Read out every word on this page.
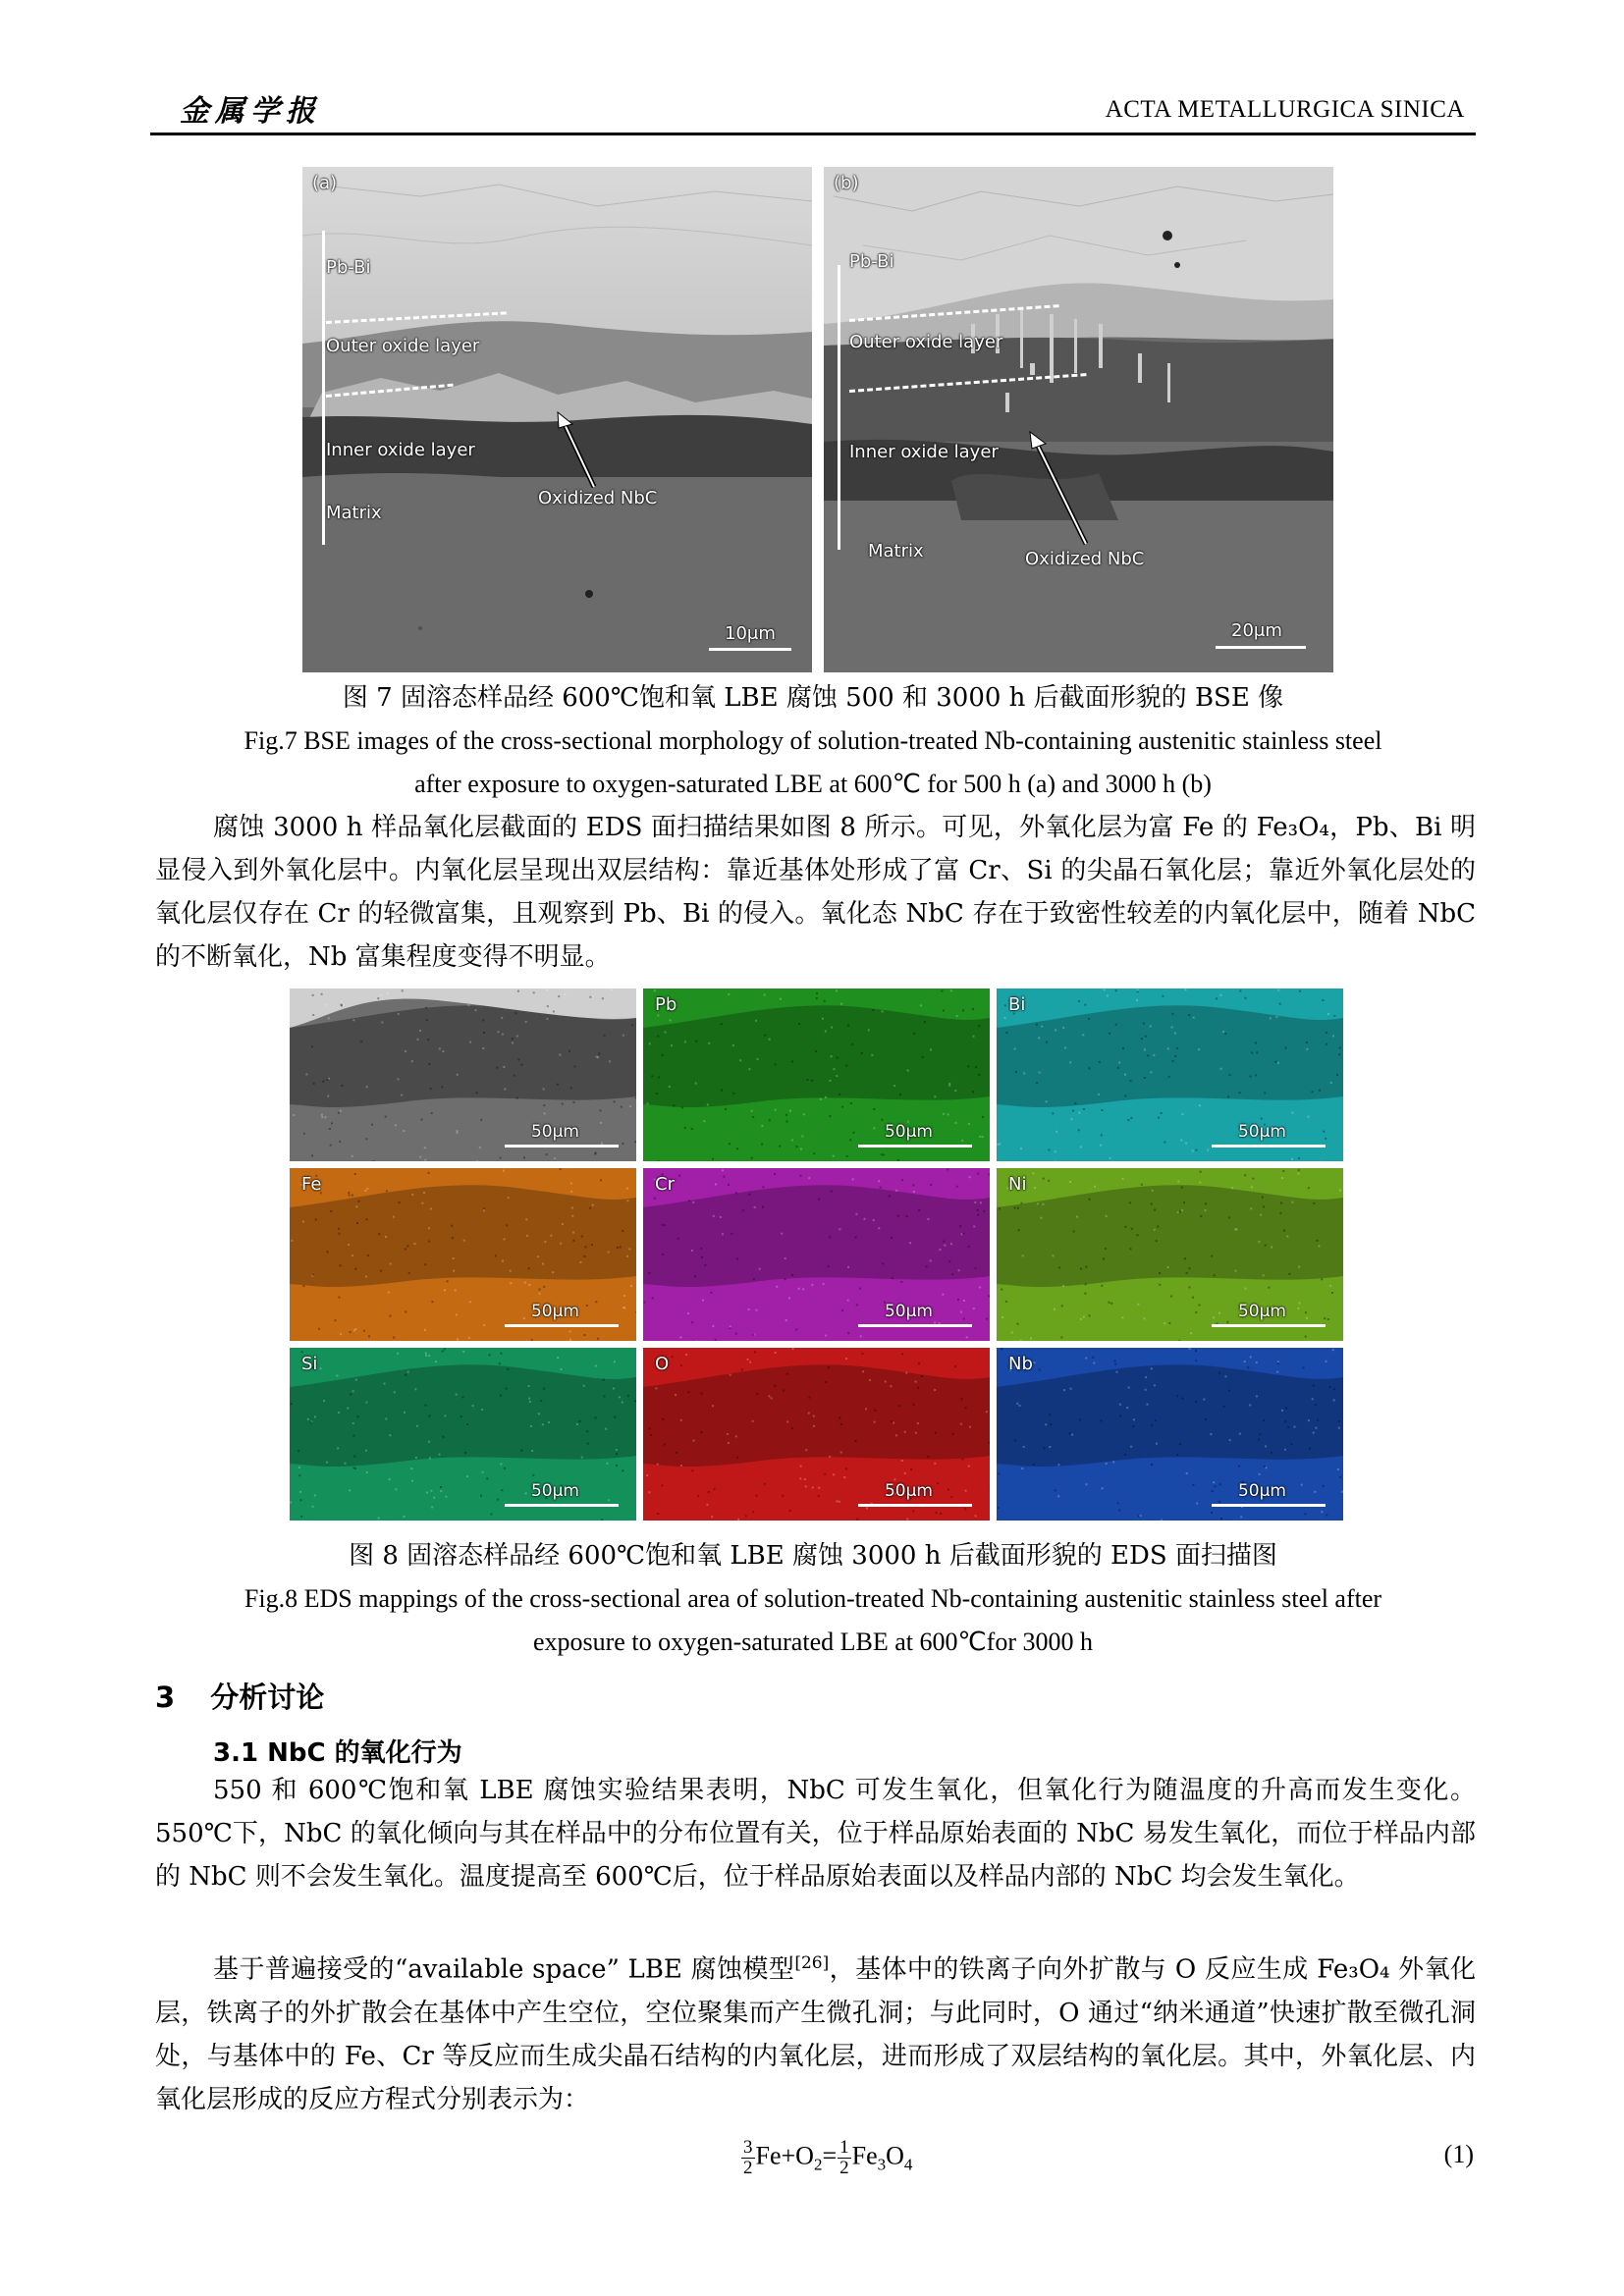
金属学报	ACTA METALLURGICA SINICA
(a)
Pb-Bi
Outer oxide layer
Inner oxide layer
Matrix
Oxidized NbC
10μm
(b)
Pb-Bi
Outer oxide layer
Inner oxide layer
Matrix	Oxidized NbC
20μm
图 7 固溶态样品经 600℃饱和氧 LBE 腐蚀 500 和 3000 h 后截面形貌的 BSE 像
Fig.7 BSE images of the cross-sectional morphology of solution-treated Nb-containing austenitic stainless steel
after exposure to oxygen-saturated LBE at 600℃ for 500 h (a) and 3000 h (b)
腐蚀 3000 h 样品氧化层截面的 EDS 面扫描结果如图 8 所示。可见，外氧化层为富 Fe 的 Fe₃O₄，Pb、Bi 明显侵入到外氧化层中。内氧化层呈现出双层结构：靠近基体处形成了富 Cr、Si 的尖晶石氧化层；靠近外氧化层处的氧化层仅存在 Cr 的轻微富集，且观察到 Pb、Bi 的侵入。氧化态 NbC 存在于致密性较差的内氧化层中，随着 NbC 的不断氧化，Nb 富集程度变得不明显。
50μm
Pb
50μm
Bi
50μm
Fe
50μm
Cr
50μm
Ni
50μm
Si
50μm
O
50μm
Nb
50μm
图 8 固溶态样品经 600℃饱和氧 LBE 腐蚀 3000 h 后截面形貌的 EDS 面扫描图
Fig.8 EDS mappings of the cross-sectional area of solution-treated Nb-containing austenitic stainless steel after
exposure to oxygen-saturated LBE at 600℃for 3000 h
3 分析讨论
3.1 NbC 的氧化行为
550 和 600℃饱和氧 LBE 腐蚀实验结果表明，NbC 可发生氧化，但氧化行为随温度的升高而发生变化。550℃下，NbC 的氧化倾向与其在样品中的分布位置有关，位于样品原始表面的 NbC 易发生氧化，而位于样品内部的 NbC 则不会发生氧化。温度提高至 600℃后，位于样品原始表面以及样品内部的 NbC 均会发生氧化。
基于普遍接受的“available space” LBE 腐蚀模型[26]，基体中的铁离子向外扩散与 O 反应生成 Fe₃O₄ 外氧化层，铁离子的外扩散会在基体中产生空位，空位聚集而产生微孔洞；与此同时，O 通过“纳米通道”快速扩散至微孔洞处，与基体中的 Fe、Cr 等反应而生成尖晶石结构的内氧化层，进而形成了双层结构的氧化层。其中，外氧化层、内氧化层形成的反应方程式分别表示为：
$\frac{3}{2} Fe+O_2= \frac{1}{2} Fe_3O_4$	(1)
